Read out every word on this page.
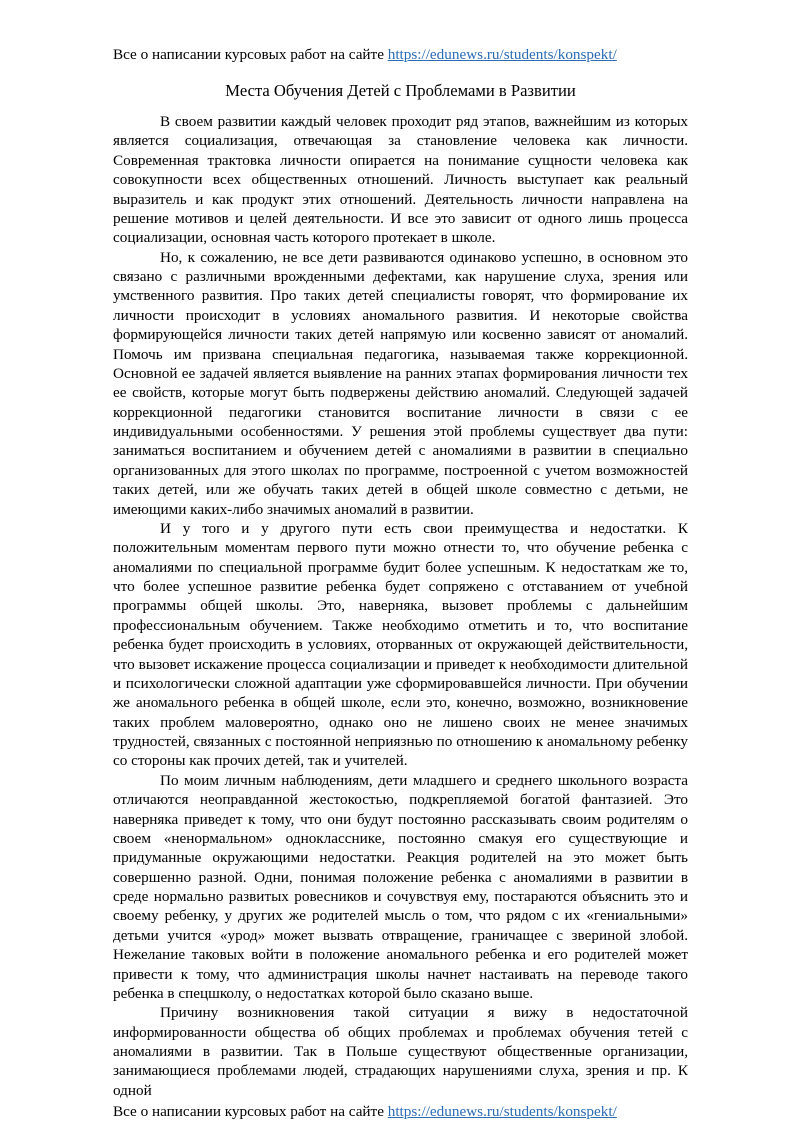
Все о написании курсовых работ на сайте https://edunews.ru/students/konspekt/
Места Обучения Детей с Проблемами в Развитии

В своем развитии каждый человек проходит ряд этапов, важнейшим из которых является социализация, отвечающая за становление человека как личности. Современная трактовка личности опирается на понимание сущности человека как совокупности всех общественных отношений. Личность выступает как реальный выразитель и как продукт этих отношений. Деятельность личности направлена на решение мотивов и целей деятельности. И все это зависит от одного лишь процесса социализации, основная часть которого протекает в школе.

Но, к сожалению, не все дети развиваются одинаково успешно, в основном это связано с различными врожденными дефектами, как нарушение слуха, зрения или умственного развития. Про таких детей специалисты говорят, что формирование их личности происходит в условиях аномального развития. И некоторые свойства формирующейся личности таких детей напрямую или косвенно зависят от аномалий. Помочь им призвана специальная педагогика, называемая также коррекционной. Основной ее задачей является выявление на ранних этапах формирования личности тех ее свойств, которые могут быть подвержены действию аномалий. Следующей задачей коррекционной педагогики становится воспитание личности в связи с ее индивидуальными особенностями. У решения этой проблемы существует два пути: заниматься воспитанием и обучением детей с аномалиями в развитии в специально организованных для этого школах по программе, построенной с учетом возможностей таких детей, или же обучать таких детей в общей школе совместно с детьми, не имеющими каких-либо значимых аномалий в развитии.

И у того и у другого пути есть свои преимущества и недостатки. К положительным моментам первого пути можно отнести то, что обучение ребенка с аномалиями по специальной программе будит более успешным. К недостаткам же то, что более успешное развитие ребенка будет сопряжено с отставанием от учебной программы общей школы. Это, наверняка, вызовет проблемы с дальнейшим профессиональным обучением. Также необходимо отметить и то, что воспитание ребенка будет происходить в условиях, оторванных от окружающей действительности, что вызовет искажение процесса социализации и приведет к необходимости длительной и психологически сложной адаптации уже сформировавшейся личности. При обучении же аномального ребенка в общей школе, если это, конечно, возможно, возникновение таких проблем маловероятно, однако оно не лишено своих не менее значимых трудностей, связанных с постоянной неприязнью по отношению к аномальному ребенку со стороны как прочих детей, так и учителей.

По моим личным наблюдениям, дети младшего и среднего школьного возраста отличаются неоправданной жестокостью, подкрепляемой богатой фантазией. Это наверняка приведет к тому, что они будут постоянно рассказывать своим родителям о своем «ненормальном» однокласснике, постоянно смакуя его существующие и придуманные окружающими недостатки. Реакция родителей на это может быть совершенно разной. Одни, понимая положение ребенка с аномалиями в развитии в среде нормально развитых ровесников и сочувствуя ему, постараются объяснить это и своему ребенку, у других же родителей мысль о том, что рядом с их «гениальными» детьми учится «урод» может вызвать отвращение, граничащее с звериной злобой. Нежелание таковых войти в положение аномального ребенка и его родителей может привести к тому, что администрация школы начнет настаивать на переводе такого ребенка в спецшколу, о недостатках которой было сказано выше.

Причину возникновения такой ситуации я вижу в недостаточной информированности общества об общих проблемах и проблемах обучения тетей с аномалиями в развитии. Так в Польше существуют общественные организации, занимающиеся проблемами людей, страдающих нарушениями слуха, зрения и пр. К одной

Все о написании курсовых работ на сайте https://edunews.ru/students/konspekt/
